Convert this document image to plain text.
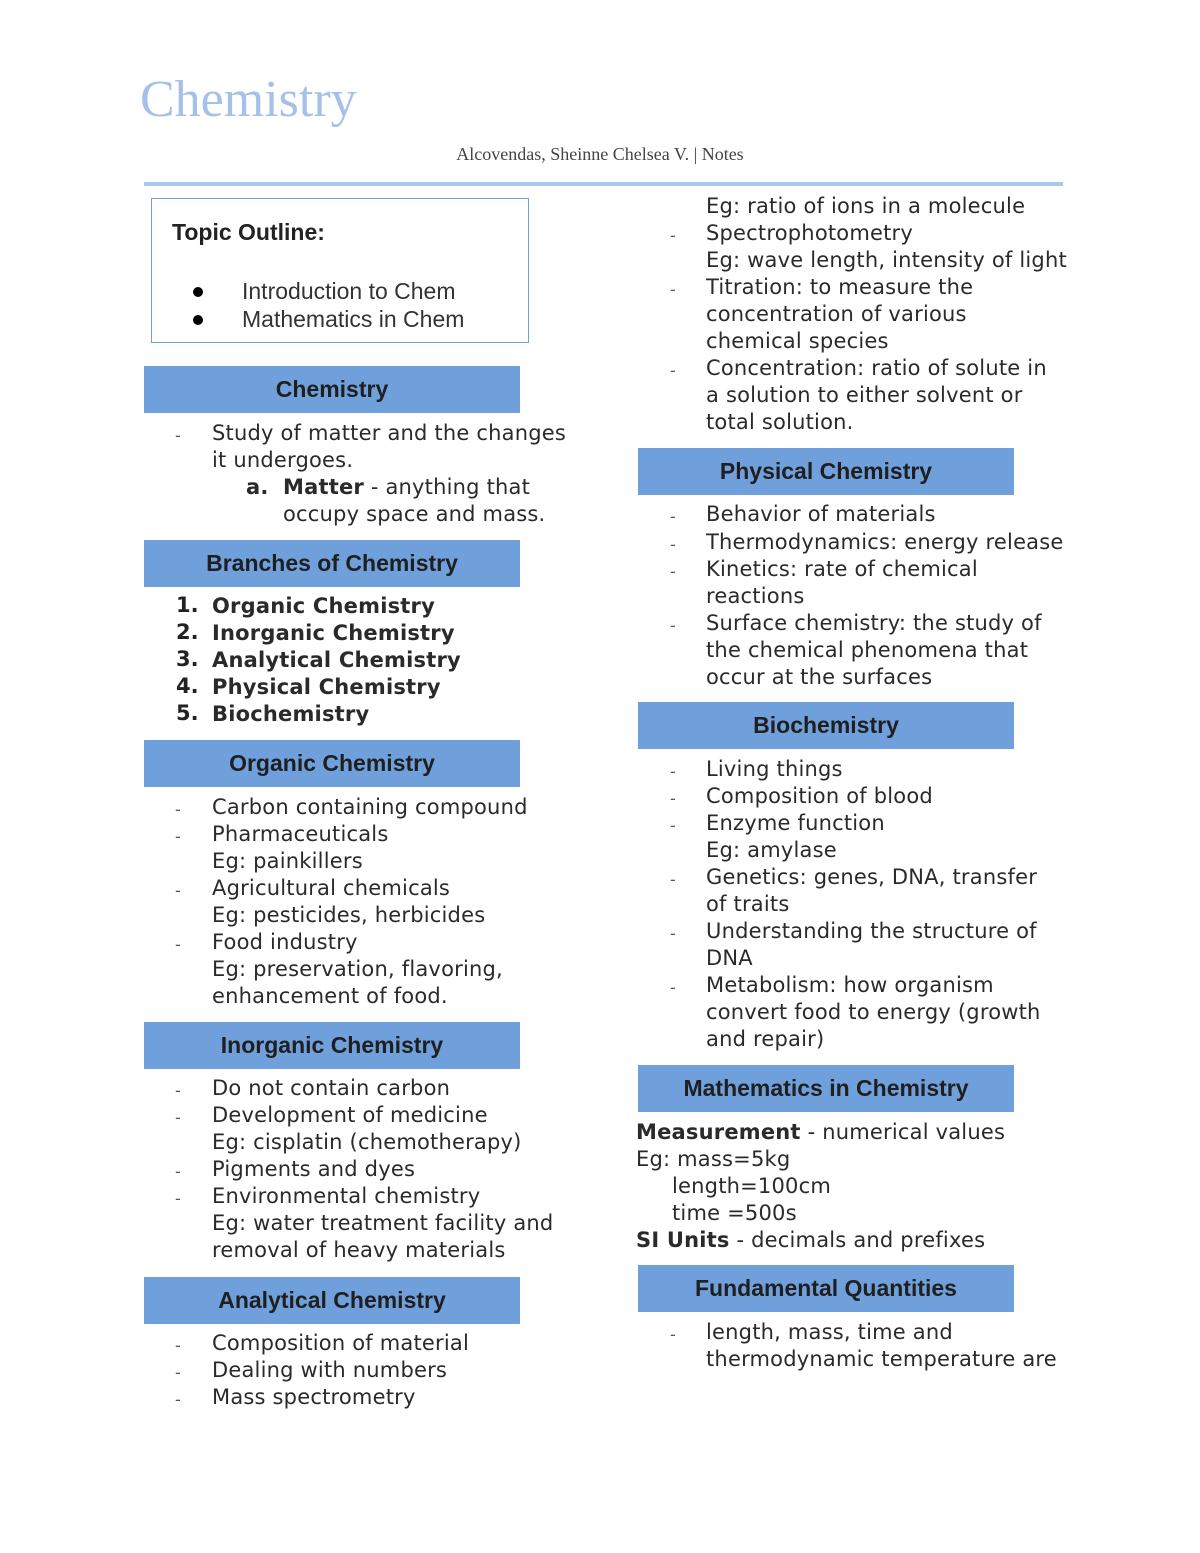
Chemistry
Alcovendas, Sheinne Chelsea V. | Notes
Topic Outline:
Introduction to Chem
Mathematics in Chem
Chemistry
- Study of matter and the changes
it undergoes.
a. Matter - anything that
occupy space and mass.
Branches of Chemistry
1. Organic Chemistry
2. Inorganic Chemistry
3. Analytical Chemistry
4. Physical Chemistry
5. Biochemistry
Organic Chemistry
- Carbon containing compound
- Pharmaceuticals
Eg: painkillers
- Agricultural chemicals
Eg: pesticides, herbicides
- Food industry
Eg: preservation, flavoring,
enhancement of food.
Inorganic Chemistry
- Do not contain carbon
- Development of medicine
Eg: cisplatin (chemotherapy)
- Pigments and dyes
- Environmental chemistry
Eg: water treatment facility and
removal of heavy materials
Analytical Chemistry
- Composition of material
- Dealing with numbers
- Mass spectrometry
Eg: ratio of ions in a molecule
- Spectrophotometry
Eg: wave length, intensity of light
- Titration: to measure the
concentration of various
chemical species
- Concentration: ratio of solute in
a solution to either solvent or
total solution.
Physical Chemistry
- Behavior of materials
- Thermodynamics: energy release
- Kinetics: rate of chemical
reactions
- Surface chemistry: the study of
the chemical phenomena that
occur at the surfaces
Biochemistry
- Living things
- Composition of blood
- Enzyme function
Eg: amylase
- Genetics: genes, DNA, transfer
of traits
- Understanding the structure of
DNA
- Metabolism: how organism
convert food to energy (growth
and repair)
Mathematics in Chemistry
Measurement - numerical values
Eg: mass=5kg
length=100cm
time =500s
SI Units - decimals and prefixes
Fundamental Quantities
- length, mass, time and
thermodynamic temperature are
